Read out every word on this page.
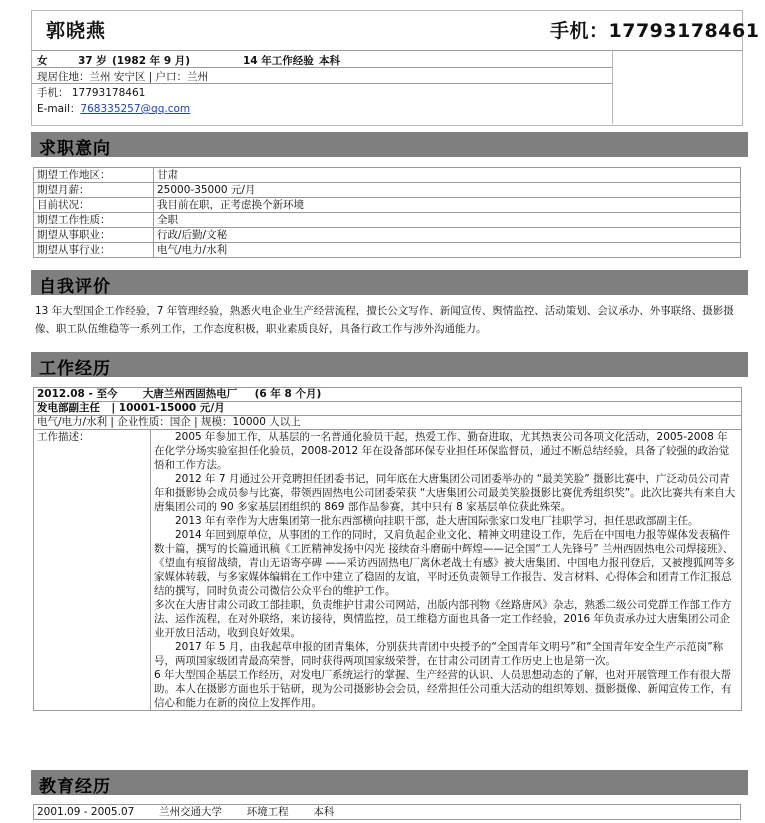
郭晓燕	手机：17793178461
女	37 岁 (1982 年 9 月)	14 年工作经验 本科
现居住地：兰州 安宁区 | 户口：兰州
手机： 17793178461
E-mail：768335257@qq.com
求职意向
期望工作地区：	甘肃
期望月薪：	25000-35000 元/月
目前状况：	我目前在职，正考虑换个新环境
期望工作性质：	全职
期望从事职业：	行政/后勤/文秘
期望从事行业：	电气/电力/水利
自我评价
13 年大型国企工作经验，7 年管理经验，熟悉火电企业生产经营流程，擅长公文写作、新闻宣传、舆情监控、活动策划、会议承办、外事联络、摄影摄像、职工队伍维稳等一系列工作，工作态度积极，职业素质良好，具备行政工作与涉外沟通能力。
工作经历
2012.08 - 至今 大唐兰州西固热电厂 (6 年 8 个月)
发电部副主任 | 10001-15000 元/月
电气/电力/水利 | 企业性质：国企 | 规模：10000 人以上
工作描述：	2005 年参加工作，从基层的一名普通化验员干起，热爱工作、勤奋进取，尤其热衷公司各项文化活动，2005-2008 年在化学分场实验室担任化验员，2008-2012 年在设备部环保专业担任环保监督员，通过不断总结经验，具备了较强的政治觉悟和工作方法。

2012 年 7 月通过公开竞聘担任团委书记，同年底在大唐集团公司团委举办的 “最美笑脸” 摄影比赛中，广泛动员公司青年和摄影协会成员参与比赛，带领西固热电公司团委荣获 “大唐集团公司最美笑脸摄影比赛优秀组织奖”。此次比赛共有来自大唐集团公司的 90 多家基层团组织的 869 部作品参赛，其中只有 8 家基层单位获此殊荣。

2013 年有幸作为大唐集团第一批东西部横向挂职干部，赴大唐国际张家口发电厂挂职学习，担任思政部副主任。

2014 年回到原单位，从事团的工作的同时，又肩负起企业文化、精神文明建设工作，先后在中国电力报等媒体发表稿件数十篇，撰写的长篇通讯稿《工匠精神发扬中闪光 接续奋斗磨砺中辉煌——记全国“工人先锋号” 兰州西固热电公司焊接班》、《望血有痕留战绩，青山无语寄亭碑 ——采访西固热电厂离休老战士有感》被大唐集团、中国电力报刊登后，又被搜狐网等多家媒体转载，与多家媒体编辑在工作中建立了稳固的友谊，平时还负责领导工作报告、发言材料、心得体会和团青工作汇报总结的撰写，同时负责公司微信公众平台的维护工作。

多次在大唐甘肃公司政工部挂职，负责维护甘肃公司网站，出版内部刊物《丝路唐风》杂志，熟悉二级公司党群工作部工作方法、运作流程，在对外联络，来访接待，舆情监控，员工维稳方面也具备一定工作经验，2016 年负责承办过大唐集团公司企业开放日活动，收到良好效果。

2017 年 5 月，由我起草申报的团青集体，分别获共青团中央授予的“全国青年文明号”和“全国青年安全生产示范岗”称号，两项国家级团青最高荣誉，同时获得两项国家级荣誉，在甘肃公司团青工作历史上也是第一次。

6 年大型国企基层工作经历，对发电厂系统运行的掌握、生产经营的认识、人员思想动态的了解，也对开展管理工作有很大帮助。本人在摄影方面也乐于钻研，现为公司摄影协会会员，经常担任公司重大活动的组织筹划、摄影摄像、新闻宣传工作，有信心和能力在新的岗位上发挥作用。

教育经历
2001.09 - 2005.07 兰州交通大学 环境工程 本科
